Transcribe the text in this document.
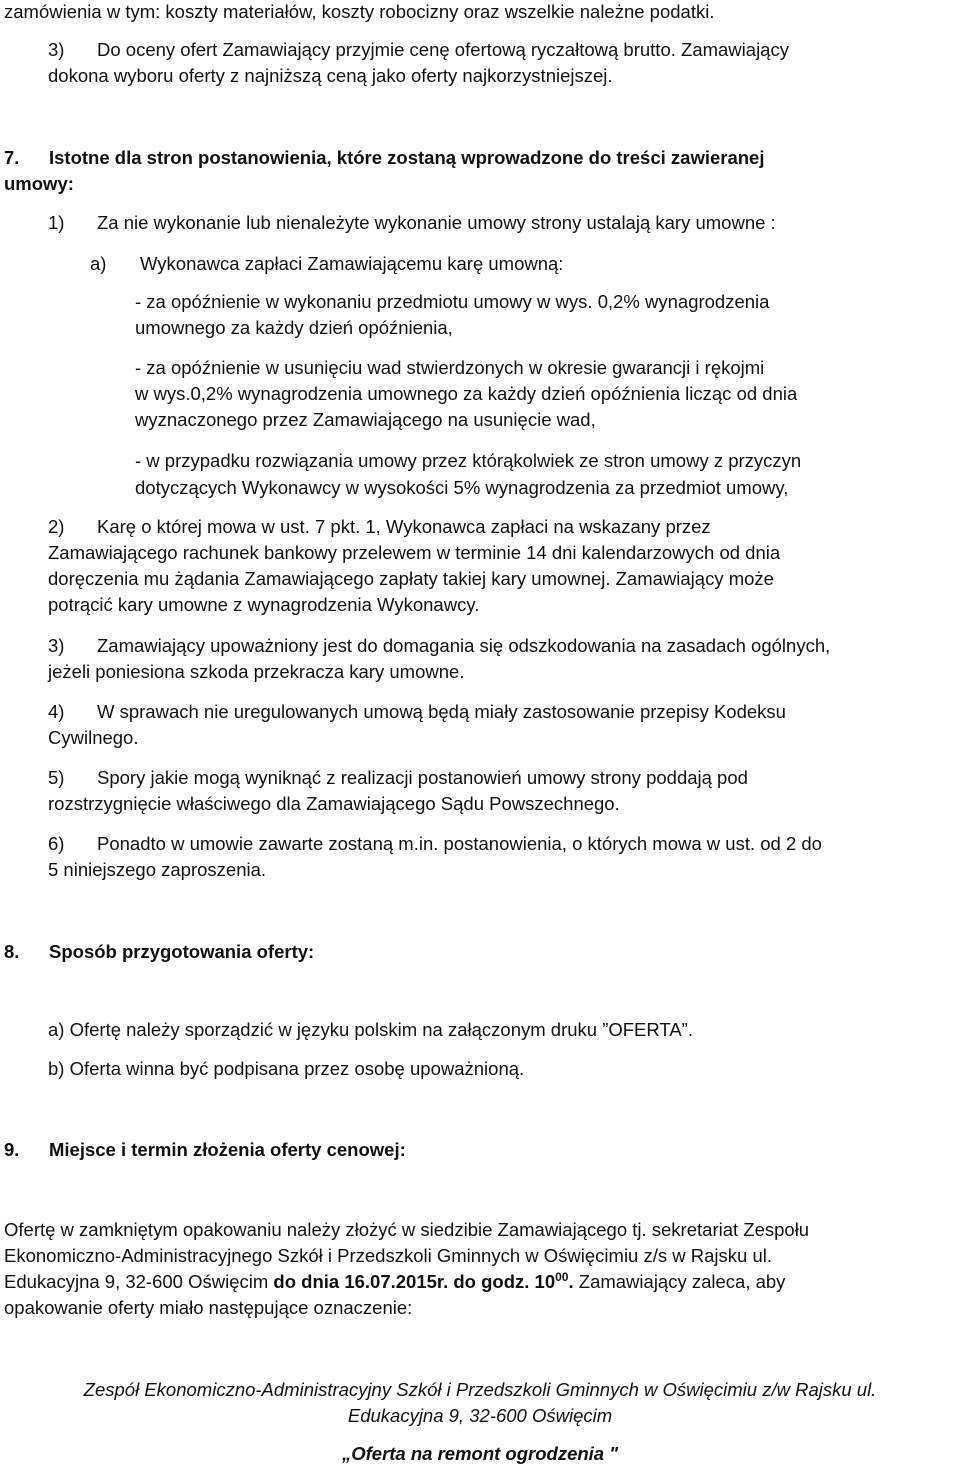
zamówienia w tym: koszty materiałów, koszty robocizny oraz wszelkie należne podatki.
3) Do oceny ofert Zamawiający przyjmie cenę ofertową ryczałtową brutto. Zamawiający
dokona wyboru oferty z najniższą ceną jako oferty najkorzystniejszej.
7. Istotne dla stron postanowienia, które zostaną wprowadzone do treści zawieranej
umowy:
1) Za nie wykonanie lub nienależyte wykonanie umowy strony ustalają kary umowne :
a) Wykonawca zapłaci Zamawiającemu karę umowną:
- za opóźnienie w wykonaniu przedmiotu umowy w wys. 0,2% wynagrodzenia
umownego za każdy dzień opóźnienia,
- za opóźnienie w usunięciu wad stwierdzonych w okresie gwarancji i rękojmi
w wys.0,2% wynagrodzenia umownego za każdy dzień opóźnienia licząc od dnia
wyznaczonego przez Zamawiającego na usunięcie wad,
- w przypadku rozwiązania umowy przez którąkolwiek ze stron umowy z przyczyn
dotyczących Wykonawcy w wysokości 5% wynagrodzenia za przedmiot umowy,
2) Karę o której mowa w ust. 7 pkt. 1, Wykonawca zapłaci na wskazany przez
Zamawiającego rachunek bankowy przelewem w terminie 14 dni kalendarzowych od dnia
doręczenia mu żądania Zamawiającego zapłaty takiej kary umownej. Zamawiający może
potrącić kary umowne z wynagrodzenia Wykonawcy.
3) Zamawiający upoważniony jest do domagania się odszkodowania na zasadach ogólnych,
jeżeli poniesiona szkoda przekracza kary umowne.
4) W sprawach nie uregulowanych umową będą miały zastosowanie przepisy Kodeksu
Cywilnego.
5) Spory jakie mogą wyniknąć z realizacji postanowień umowy strony poddają pod
rozstrzygnięcie właściwego dla Zamawiającego Sądu Powszechnego.
6) Ponadto w umowie zawarte zostaną m.in. postanowienia, o których mowa w ust. od 2 do
5 niniejszego zaproszenia.
8. Sposób przygotowania oferty:
a) Ofertę należy sporządzić w języku polskim na załączonym druku ”OFERTA”.
b) Oferta winna być podpisana przez osobę upoważnioną.
9. Miejsce i termin złożenia oferty cenowej:
Ofertę w zamkniętym opakowaniu należy złożyć w siedzibie Zamawiającego tj. sekretariat Zespołu
Ekonomiczno-Administracyjnego Szkół i Przedszkoli Gminnych w Oświęcimiu z/s w Rajsku ul.
Edukacyjna 9, 32-600 Oświęcim do dnia 16.07.2015r. do godz. $10^{00}$. Zamawiający zaleca, aby
opakowanie oferty miało następujące oznaczenie:
Zespół Ekonomiczno-Administracyjny Szkół i Przedszkoli Gminnych w Oświęcimiu z/w Rajsku ul.
Edukacyjna 9, 32-600 Oświęcim
„Oferta na remont ogrodzenia "
